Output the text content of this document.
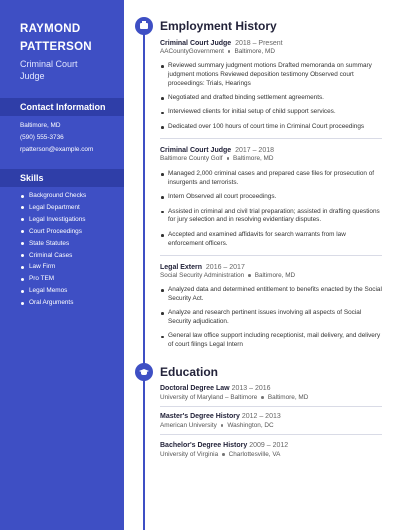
RAYMOND
PATTERSON
Criminal Court
Judge
Contact Information
Baltimore, MD
(590) 555-3736
rpatterson@example.com
Skills
Background Checks
Legal Department
Legal Investigations
Court Proceedings
State Statutes
Criminal Cases
Law Firm
Pro TEM
Legal Memos
Oral Arguments
Employment History
Criminal Court Judge 2018 – Present
AACountyGovernment Baltimore, MD
Reviewed summary judgment motions Drafted memoranda on summary judgment motions Reviewed deposition testimony Observed court proceedings: Trials, Hearings
Negotiated and drafted binding settlement agreements.
Interviewed clients for initial setup of child support services.
Dedicated over 100 hours of court time in Criminal Court proceedings
Criminal Court Judge 2017 – 2018
Baltimore County Golf Baltimore, MD
Managed 2,000 criminal cases and prepared case files for prosecution of insurgents and terrorists.
Intern Observed all court proceedings.
Assisted in criminal and civil trial preparation; assisted in drafting questions for jury selection and in resolving evidentiary disputes.
Accepted and examined affidavits for search warrants from law enforcement officers.
Legal Extern 2016 – 2017
Social Security Administration Baltimore, MD
Analyzed data and determined entitlement to benefits enacted by the Social Security Act.
Analyze and research pertinent issues involving all aspects of Social Security adjudication.
General law office support including receptionist, mail delivery, and delivery of court filings Legal Intern
Education
Doctoral Degree Law 2013 – 2016
University of Maryland – Baltimore Baltimore, MD
Master's Degree History 2012 – 2013
American University Washington, DC
Bachelor's Degree History 2009 – 2012
University of Virginia Charlottesville, VA
